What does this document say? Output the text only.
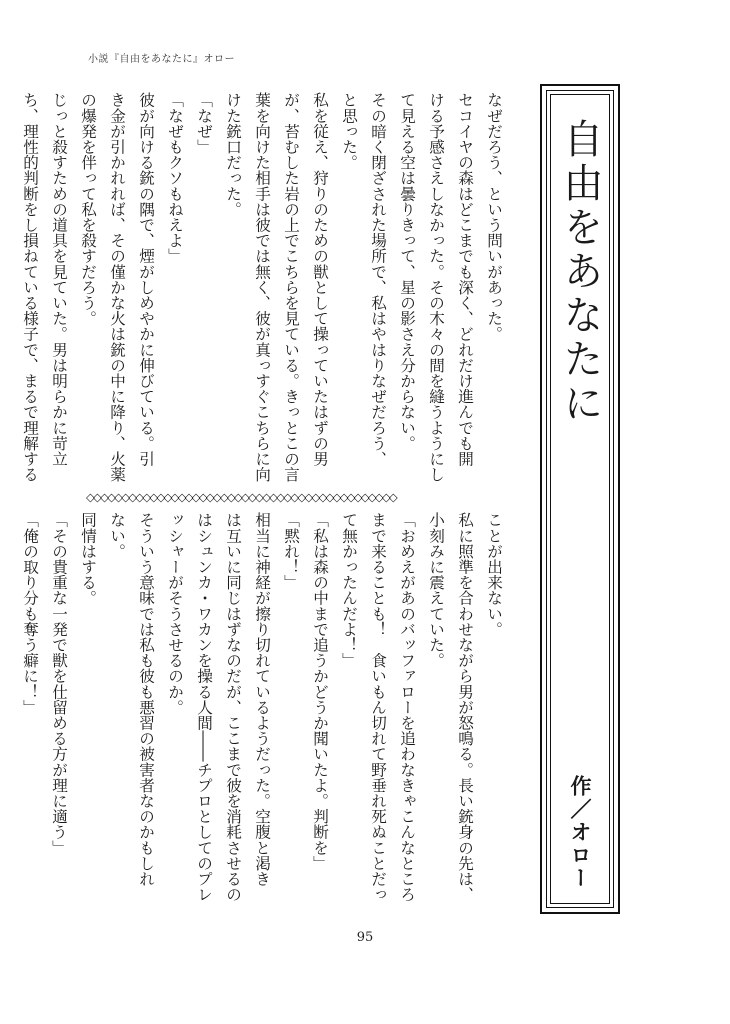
小説『自由をあなたに』オロー

なぜだろう、という問いがあった。

セコイヤの森はどこまでも深く、どれだけ進んでも開

ける予感さえしなかった。その木々の間を縫うようにし

て見える空は曇りきって、星の影さえ分からない。

その暗く閉ざされた場所で、私はやはりなぜだろう、

と思った。

私を従え、狩りのための獣として操っていたはずの男

が、苔むした岩の上でこちらを見ている。きっとこの言

葉を向けた相手は彼では無く、彼が真っすぐこちらに向

けた銃口だった。

「なぜ」

「なぜもクソもねえよ」

彼が向ける銃の隅で、煙がしめやかに伸びている。引

き金が引かれれば、その僅かな火は銃の中に降り、火薬

の爆発を伴って私を殺すだろう。

じっと殺すための道具を見ていた。男は明らかに苛立

ち、理性的判断をし損ねている様子で、まるで理解する

◇◇◇◇◇◇◇◇◇◇◇◇◇◇◇◇◇◇◇◇◇◇◇◇◇◇◇◇◇◇◇◇◇◇◇◇◇◇◇◇◇◇◇◇

ことが出来ない。

私に照準を合わせながら男が怒鳴る。長い銃身の先は、

小刻みに震えていた。

「おめえがあのバッファローを追わなきゃこんなところ

まで来ることも！　食いもん切れて野垂れ死ぬことだっ

て無かったんだよ！」

「私は森の中まで追うかどうか聞いたよ。判断を」

「黙れ！」

相当に神経が擦り切れているようだった。空腹と渇き

は互いに同じはずなのだが、ここまで彼を消耗させるの

はシュンカ・ワカンを操る人間――チプロとしてのプレ

ッシャーがそうさせるのか。

そういう意味では私も彼も悪習の被害者なのかもしれ

ない。

同情はする。

「その貴重な一発で獣を仕留める方が理に適う」

「俺の取り分も奪う癖に！」

自由をあなたに
作／オロー
95
